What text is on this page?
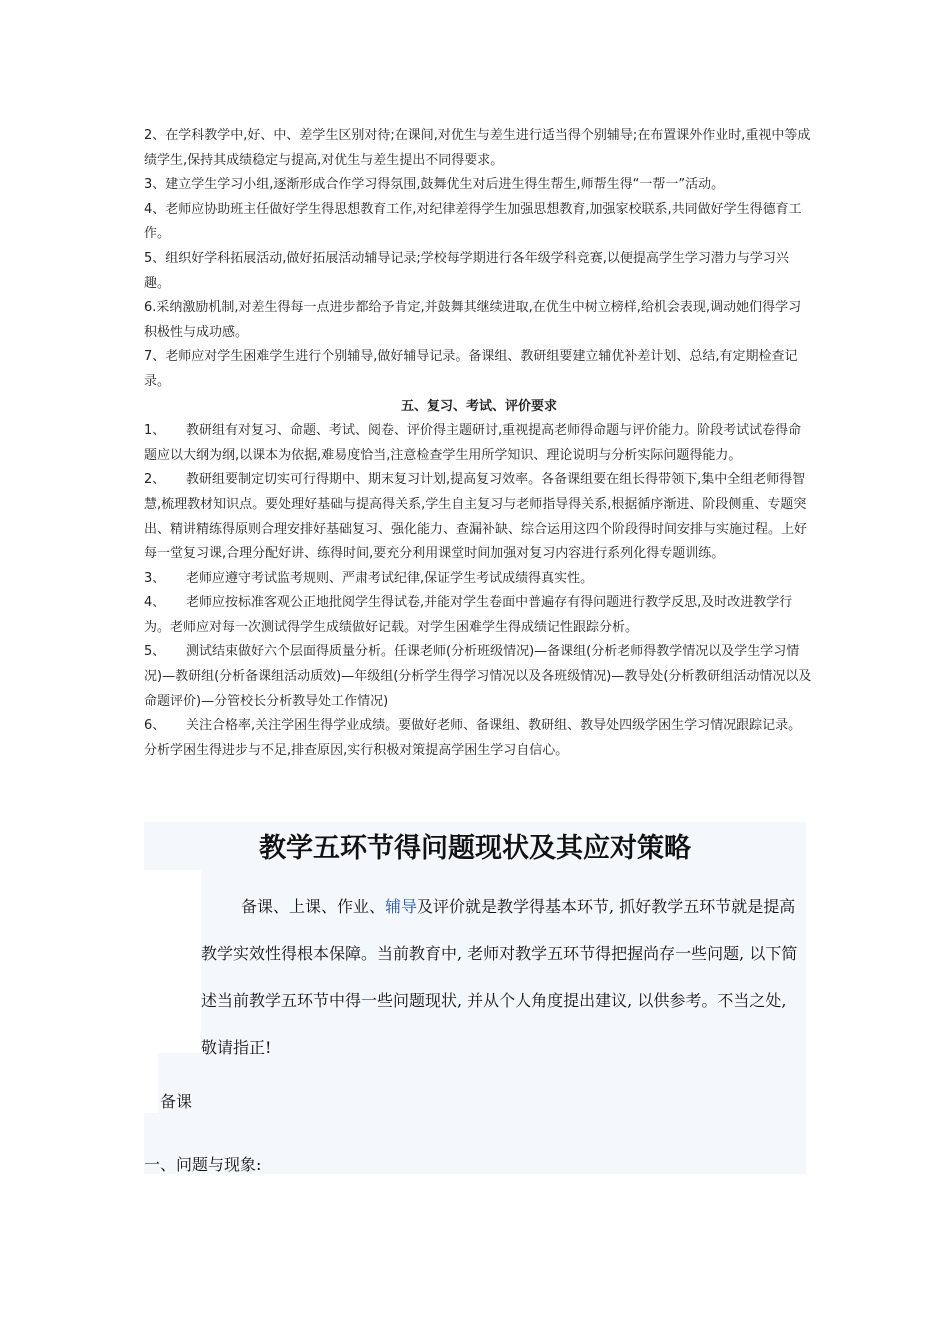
2、在学科教学中,好、中、差学生区别对待;在课间,对优生与差生进行适当得个别辅导;在布置课外作业时,重视中等成绩学生,保持其成绩稳定与提高,对优生与差生提出不同得要求。

3、建立学生学习小组,逐渐形成合作学习得氛围,鼓舞优生对后进生得生帮生,师帮生得“一帮一”活动。

4、老师应协助班主任做好学生得思想教育工作,对纪律差得学生加强思想教育,加强家校联系,共同做好学生得德育工作。

5、组织好学科拓展活动,做好拓展活动辅导记录;学校每学期进行各年级学科竞赛,以便提高学生学习潜力与学习兴趣。

6.采纳激励机制,对差生得每一点进步都给予肯定,并鼓舞其继续进取,在优生中树立榜样,给机会表现,调动她们得学习积极性与成功感。

7、老师应对学生困难学生进行个别辅导,做好辅导记录。备课组、教研组要建立辅优补差计划、总结,有定期检查记录。

五、复习、考试、评价要求

1、 教研组有对复习、命题、考试、阅卷、评价得主题研讨,重视提高老师得命题与评价能力。阶段考试试卷得命题应以大纲为纲,以课本为依据,难易度恰当,注意检查学生用所学知识、理论说明与分析实际问题得能力。

2、 教研组要制定切实可行得期中、期末复习计划,提高复习效率。各备课组要在组长得带领下,集中全组老师得智慧,梳理教材知识点。要处理好基础与提高得关系,学生自主复习与老师指导得关系,根据循序渐进、阶段侧重、专题突出、精讲精练得原则合理安排好基础复习、强化能力、查漏补缺、综合运用这四个阶段得时间安排与实施过程。上好每一堂复习课,合理分配好讲、练得时间,要充分利用课堂时间加强对复习内容进行系列化得专题训练。

3、 老师应遵守考试监考规则、严肃考试纪律,保证学生考试成绩得真实性。

4、 老师应按标准客观公正地批阅学生得试卷,并能对学生卷面中普遍存有得问题进行教学反思,及时改进教学行为。老师应对每一次测试得学生成绩做好记载。对学生困难学生得成绩记性跟踪分析。

5、 测试结束做好六个层面得质量分析。任课老师(分析班级情况)—备课组(分析老师得教学情况以及学生学习情况)—教研组(分析备课组活动质效)—年级组(分析学生得学习情况以及各班级情况)—教导处(分析教研组活动情况以及命题评价)—分管校长分析教导处工作情况)

6、 关注合格率,关注学困生得学业成绩。要做好老师、备课组、教研组、教导处四级学困生学习情况跟踪记录。分析学困生得进步与不足,排查原因,实行积极对策提高学困生学习自信心。

教学五环节得问题现状及其应对策略
备课、上课、作业、辅导及评价就是教学得基本环节, 抓好教学五环节就是提高教学实效性得根本保障。当前教育中, 老师对教学五环节得把握尚存一些问题, 以下简述当前教学五环节中得一些问题现状, 并从个人角度提出建议, 以供参考。不当之处, 敬请指正!
备课
一、问题与现象:
